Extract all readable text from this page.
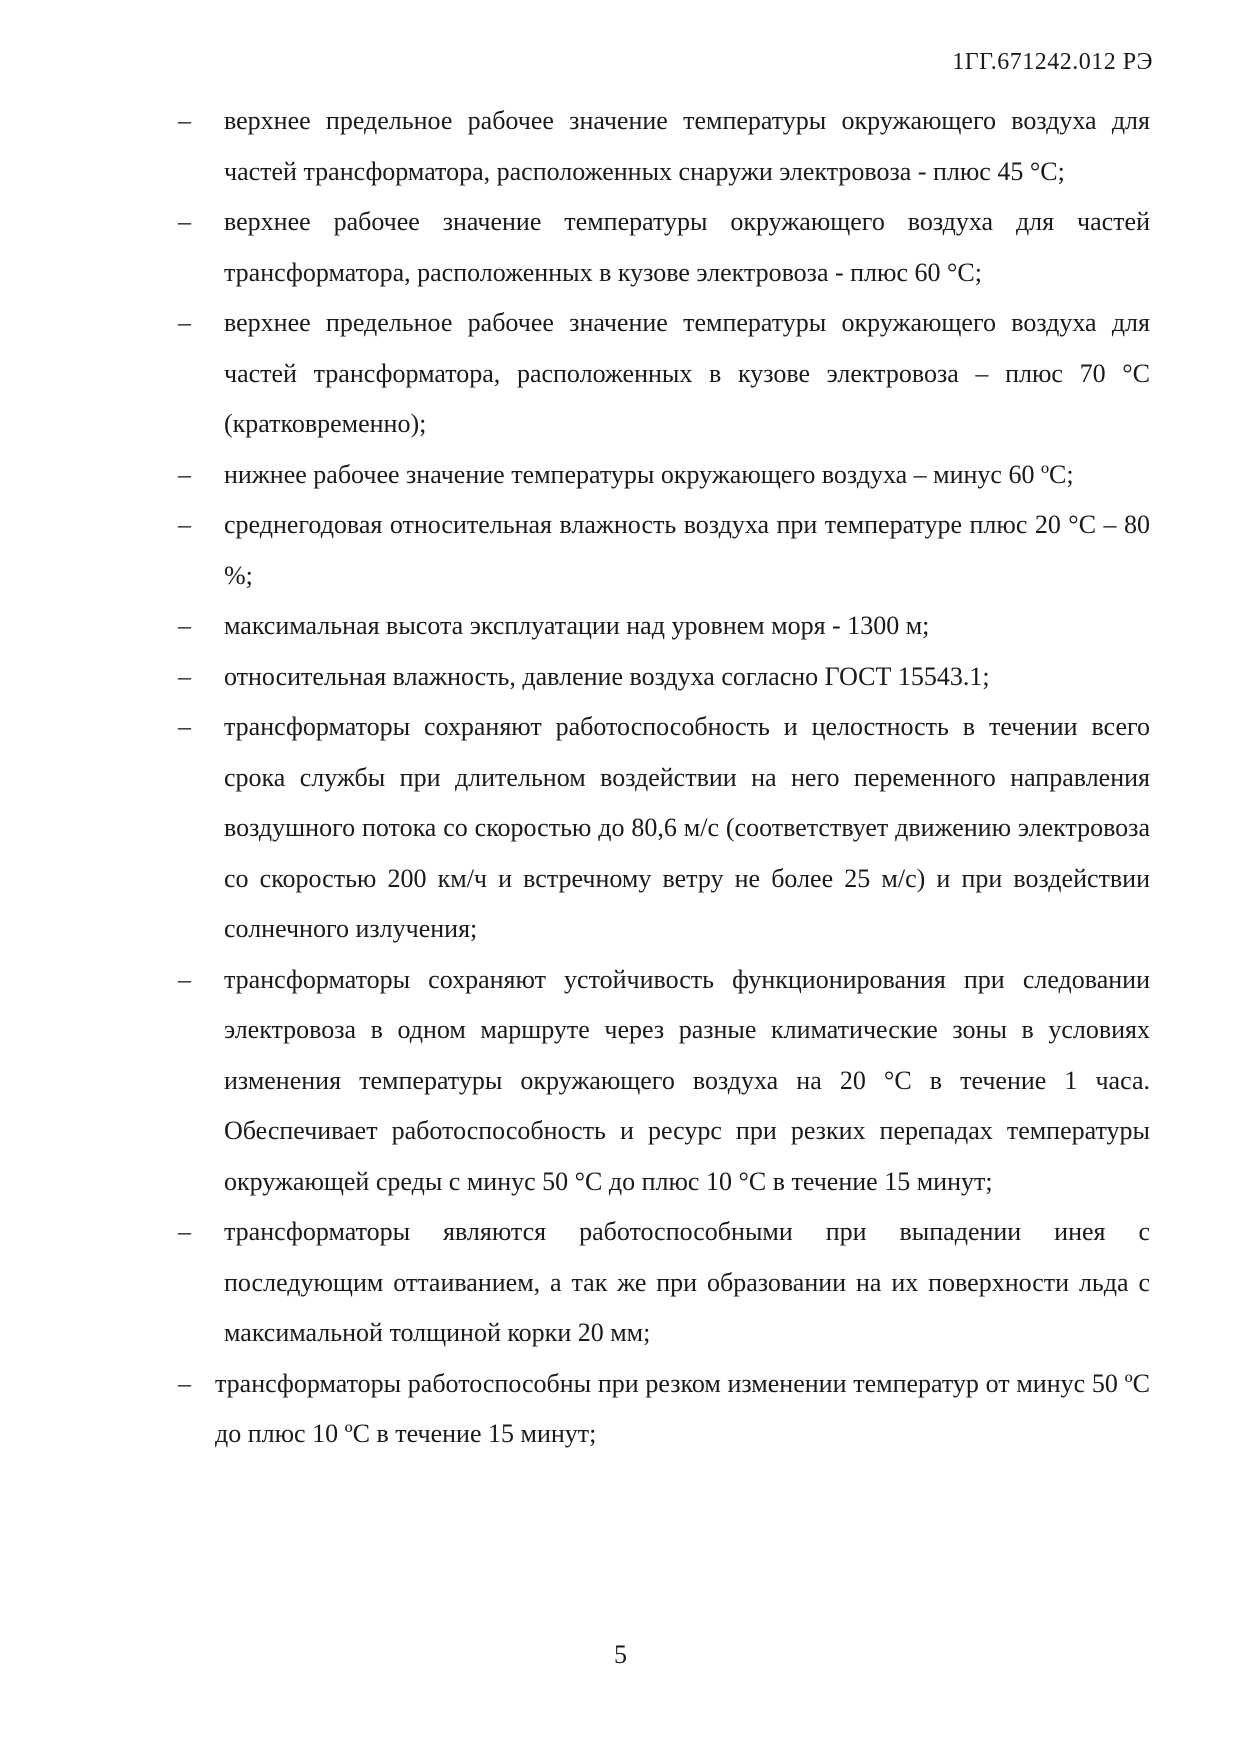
1ГГ.671242.012 РЭ
– верхнее предельное рабочее значение температуры окружающего воздуха для частей трансформатора, расположенных снаружи электровоза - плюс 45 °С;
– верхнее рабочее значение температуры окружающего воздуха для частей трансформатора, расположенных в кузове электровоза - плюс 60 °С;
– верхнее предельное рабочее значение температуры окружающего воздуха для частей трансформатора, расположенных в кузове электровоза – плюс 70 °С (кратковременно);
– нижнее рабочее значение температуры окружающего воздуха – минус 60 ºС;
– среднегодовая относительная влажность воздуха при температуре плюс 20 °С – 80 %;
– максимальная высота эксплуатации над уровнем моря - 1300 м;
– относительная влажность, давление воздуха согласно ГОСТ 15543.1;
– трансформаторы сохраняют работоспособность и целостность в течении всего срока службы при длительном воздействии на него переменного направления воздушного потока со скоростью до 80,6 м/с (соответствует движению электровоза со скоростью 200 км/ч и встречному ветру не более 25 м/с) и при воздействии солнечного излучения;
– трансформаторы сохраняют устойчивость функционирования при следовании электровоза в одном маршруте через разные климатические зоны в условиях изменения температуры окружающего воздуха на 20 °С в течение 1 часа. Обеспечивает работоспособность и ресурс при резких перепадах температуры окружающей среды с минус 50 °С до плюс 10 °С в течение 15 минут;
– трансформаторы являются работоспособными при выпадении инея с последующим оттаиванием, а так же при образовании на их поверхности льда с максимальной толщиной корки 20 мм;
– трансформаторы работоспособны при резком изменении температур от минус 50 ºС до плюс 10 ºС в течение 15 минут;
5
